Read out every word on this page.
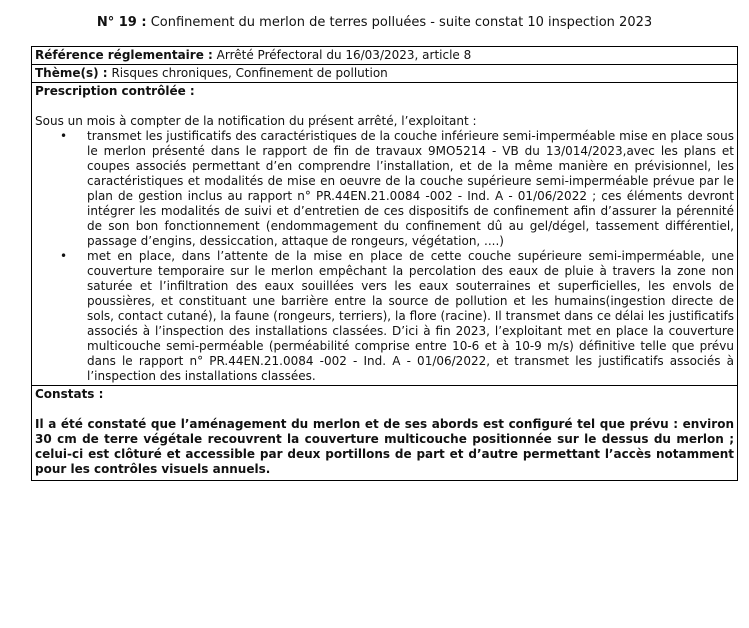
N° 19 : Confinement du merlon de terres polluées - suite constat 10 inspection 2023
Référence réglementaire : Arrêté Préfectoral du 16/03/2023, article 8
Thème(s) : Risques chroniques, Confinement de pollution

Prescription contrôlée :
Sous un mois à compter de la notification du présent arrêté, l’exploitant :
• transmet les justificatifs des caractéristiques de la couche inférieure semi-imperméable mise en place sous le merlon présenté dans le rapport de fin de travaux 9MO5214 - VB du 13/014/2023,avec les plans et coupes associés permettant d’en comprendre l’installation, et de la même manière en prévisionnel, les caractéristiques et modalités de mise en oeuvre de la couche supérieure semi-imperméable prévue par le plan de gestion inclus au rapport n° PR.44EN.21.0084 -002 - Ind. A - 01/06/2022 ; ces éléments devront intégrer les modalités de suivi et d’entretien de ces dispositifs de confinement afin d’assurer la pérennité de son bon fonctionnement (endommagement du confinement dû au gel/dégel, tassement différentiel, passage d’engins, dessiccation, attaque de rongeurs, végétation, ....)
• met en place, dans l’attente de la mise en place de cette couche supérieure semi-imperméable, une couverture temporaire sur le merlon empêchant la percolation des eaux de pluie à travers la zone non saturée et l’infiltration des eaux souillées vers les eaux souterraines et superficielles, les envols de poussières, et constituant une barrière entre la source de pollution et les humains(ingestion directe de sols, contact cutané), la faune (rongeurs, terriers), la flore (racine). Il transmet dans ce délai les justificatifs associés à l’inspection des installations classées. D’ici à fin 2023, l’exploitant met en place la couverture multicouche semi-perméable (perméabilité comprise entre 10-6 et à 10-9 m/s) définitive telle que prévu dans le rapport n° PR.44EN.21.0084 -002 - Ind. A - 01/06/2022, et transmet les justificatifs associés à l’inspection des installations classées.

Constats :
Il a été constaté que l’aménagement du merlon et de ses abords est configuré tel que prévu : environ 30 cm de terre végétale recouvrent la couverture multicouche positionnée sur le dessus du merlon ; celui-ci est clôturé et accessible par deux portillons de part et d’autre permettant l’accès notamment pour les contrôles visuels annuels.
